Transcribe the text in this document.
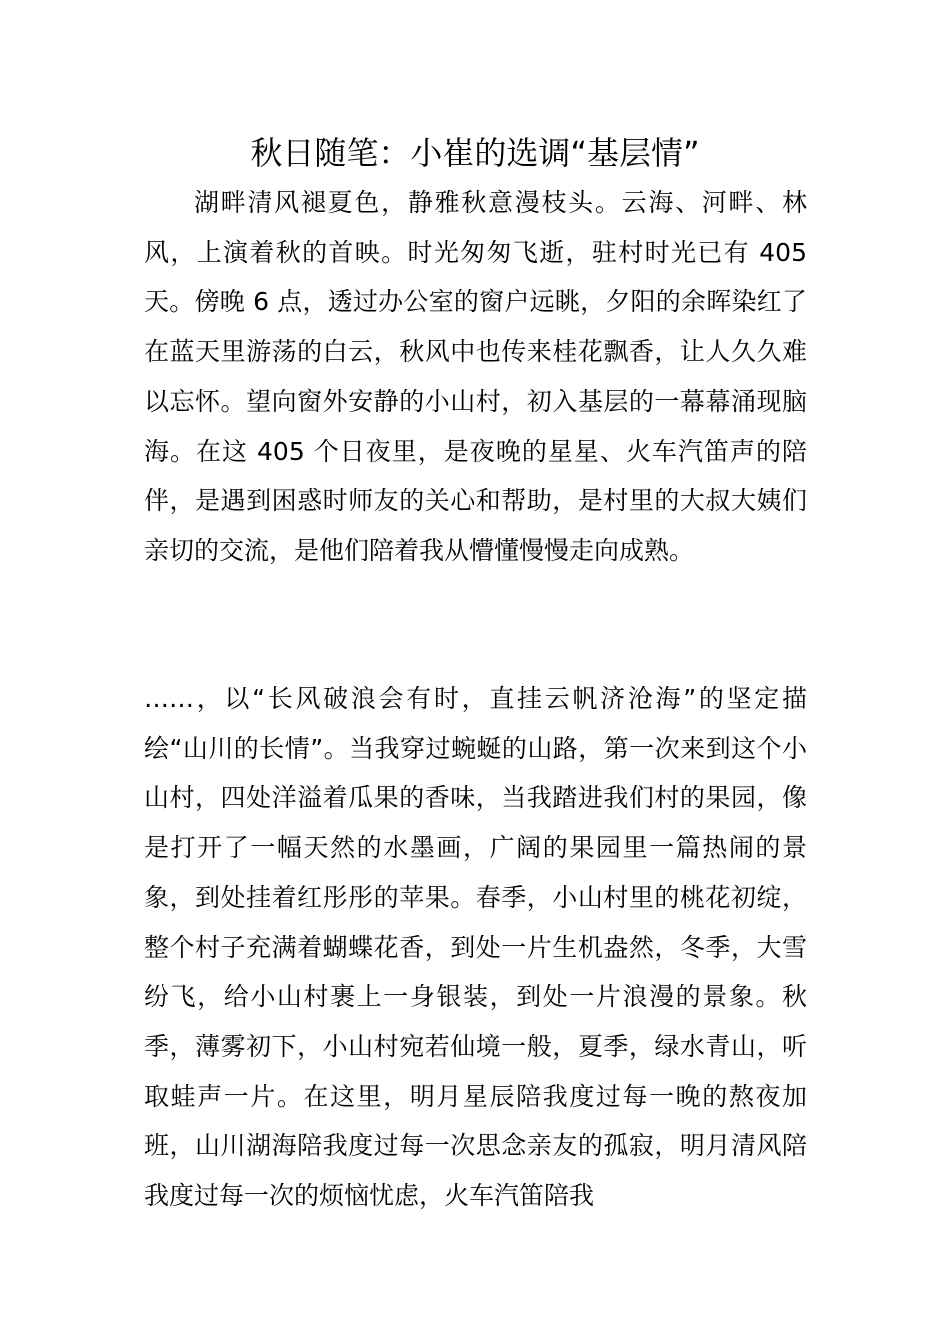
秋日随笔：小崔的选调“基层情”

湖畔清风褪夏色，静雅秋意漫枝头。云海、河畔、林风，上演着秋的首映。时光匆匆飞逝，驻村时光已有 405 天。傍晚 6 点，透过办公室的窗户远眺，夕阳的余晖染红了在蓝天里游荡的白云，秋风中也传来桂花飘香，让人久久难以忘怀。望向窗外安静的小山村，初入基层的一幕幕涌现脑海。在这 405 个日夜里，是夜晚的星星、火车汽笛声的陪伴，是遇到困惑时师友的关心和帮助，是村里的大叔大姨们亲切的交流，是他们陪着我从懵懂慢慢走向成熟。

……，以“长风破浪会有时，直挂云帆济沧海”的坚定描绘“山川的长情”。当我穿过蜿蜒的山路，第一次来到这个小山村，四处洋溢着瓜果的香味，当我踏进我们村的果园，像是打开了一幅天然的水墨画，广阔的果园里一篇热闹的景象，到处挂着红彤彤的苹果。春季，小山村里的桃花初绽，整个村子充满着蝴蝶花香，到处一片生机盎然，冬季，大雪纷飞，给小山村裹上一身银装，到处一片浪漫的景象。秋季，薄雾初下，小山村宛若仙境一般，夏季，绿水青山，听取蛙声一片。在这里，明月星辰陪我度过每一晚的熬夜加班，山川湖海陪我度过每一次思念亲友的孤寂，明月清风陪我度过每一次的烦恼忧虑，火车汽笛陪我
